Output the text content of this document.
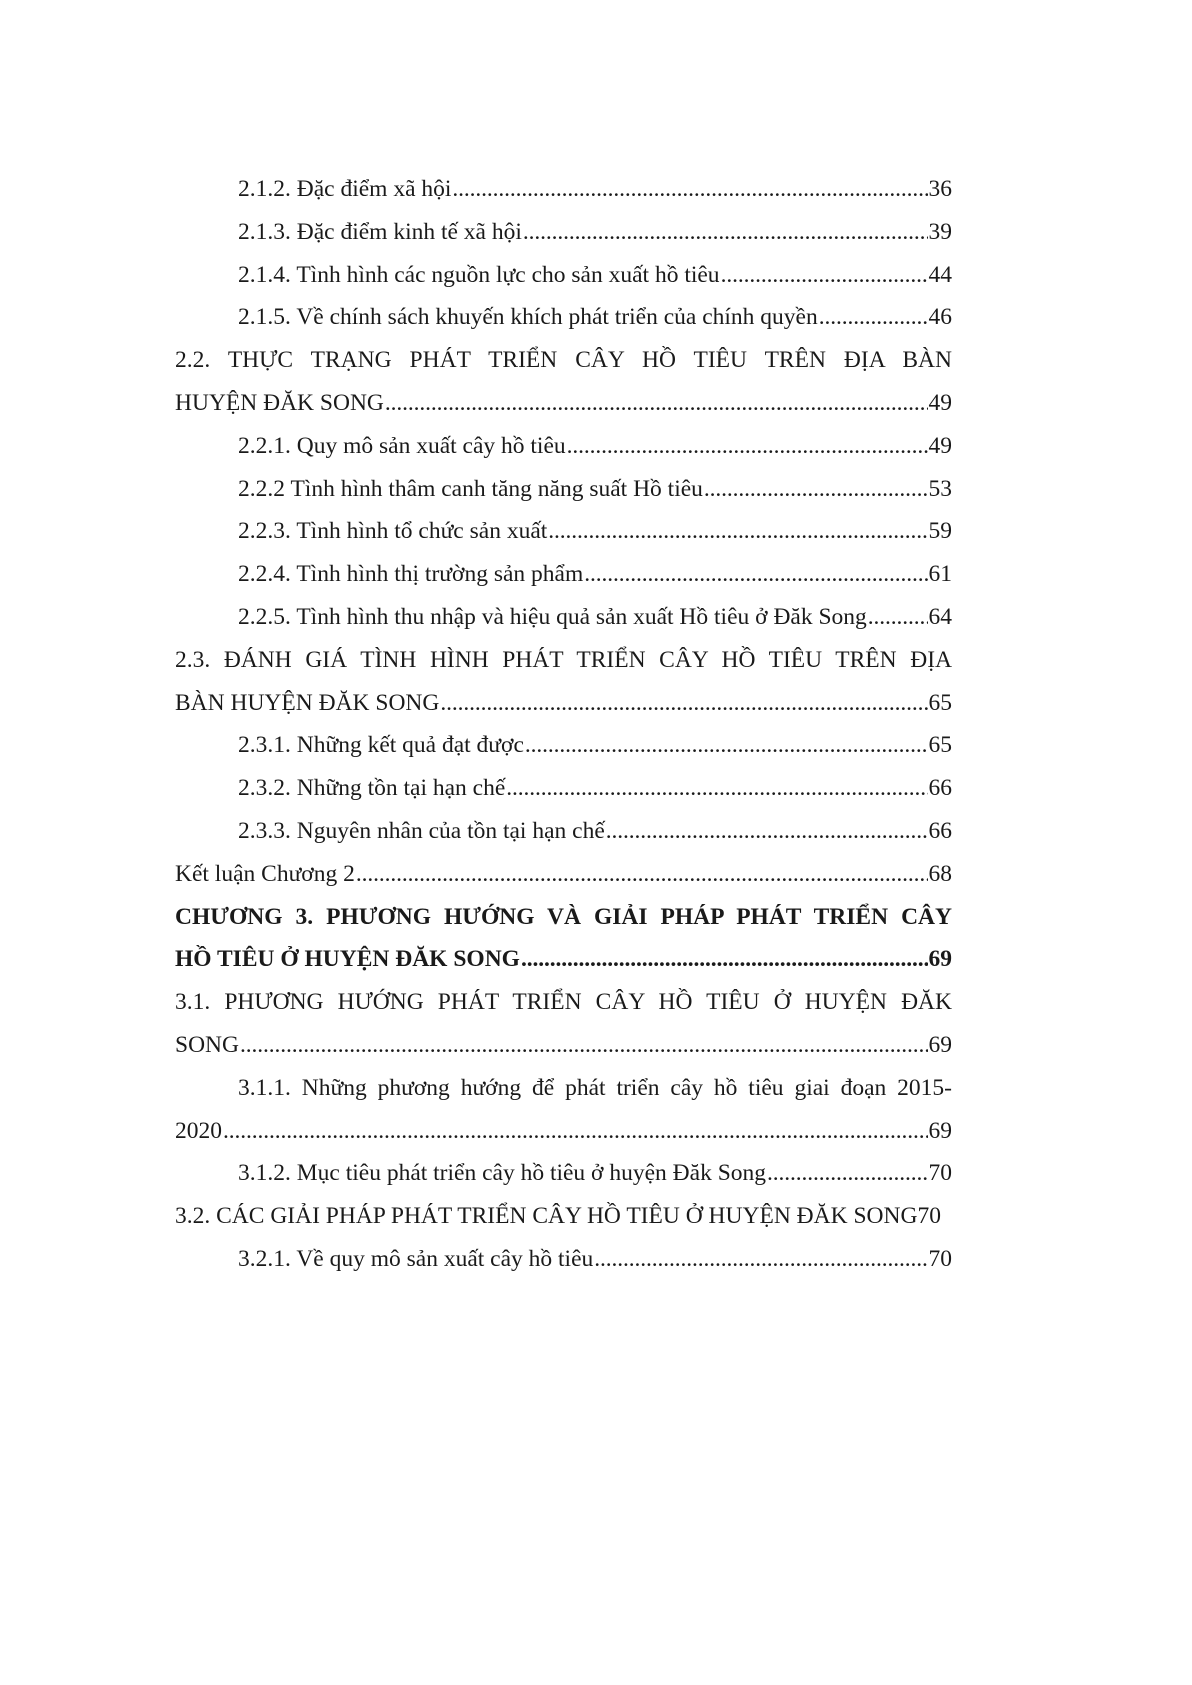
2.1.2. Đặc điểm xã hội . . .	36
2.1.3. Đặc điểm kinh tế xã hội . . .	39
2.1.4. Tình hình các nguồn lực cho sản xuất hồ tiêu . . .	44
2.1.5. Về chính sách khuyến khích phát triển của chính quyền . . .	46
2.2. THỰC TRẠNG PHÁT TRIỂN CÂY HỒ TIÊU TRÊN ĐỊA BÀN
HUYỆN ĐĂK SONG . . .	49
2.2.1. Quy mô sản xuất cây hồ tiêu . . .	49
2.2.2 Tình hình thâm canh tăng năng suất Hồ tiêu . . .	53
2.2.3. Tình hình tổ chức sản xuất . . .	59
2.2.4. Tình hình thị trường sản phẩm . . .	61
2.2.5. Tình hình thu nhập và hiệu quả sản xuất Hồ tiêu ở Đăk Song . . .	64
2.3. ĐÁNH GIÁ TÌNH HÌNH PHÁT TRIỂN CÂY HỒ TIÊU TRÊN ĐỊA
BÀN HUYỆN ĐĂK SONG . . .	65
2.3.1. Những kết quả đạt được . . .	65
2.3.2. Những tồn tại hạn chế . . .	66
2.3.3. Nguyên nhân của tồn tại hạn chế . . .	66
Kết luận Chương 2 . . .	68
CHƯƠNG 3. PHƯƠNG HƯỚNG VÀ GIẢI PHÁP PHÁT TRIỂN CÂY
HỒ TIÊU Ở HUYỆN ĐĂK SONG . . .	69
3.1. PHƯƠNG HƯỚNG PHÁT TRIỂN CÂY HỒ TIÊU Ở HUYỆN ĐĂK
SONG . . .	69
3.1.1. Những phương hướng để phát triển cây hồ tiêu giai đoạn 2015-
2020 . . .	69
3.1.2. Mục tiêu phát triển cây hồ tiêu ở huyện Đăk Song . . .	70
3.2. CÁC GIẢI PHÁP PHÁT TRIỂN CÂY HỒ TIÊU Ở HUYỆN ĐĂK SONG70
3.2.1. Về quy mô sản xuất cây hồ tiêu . . .	70
